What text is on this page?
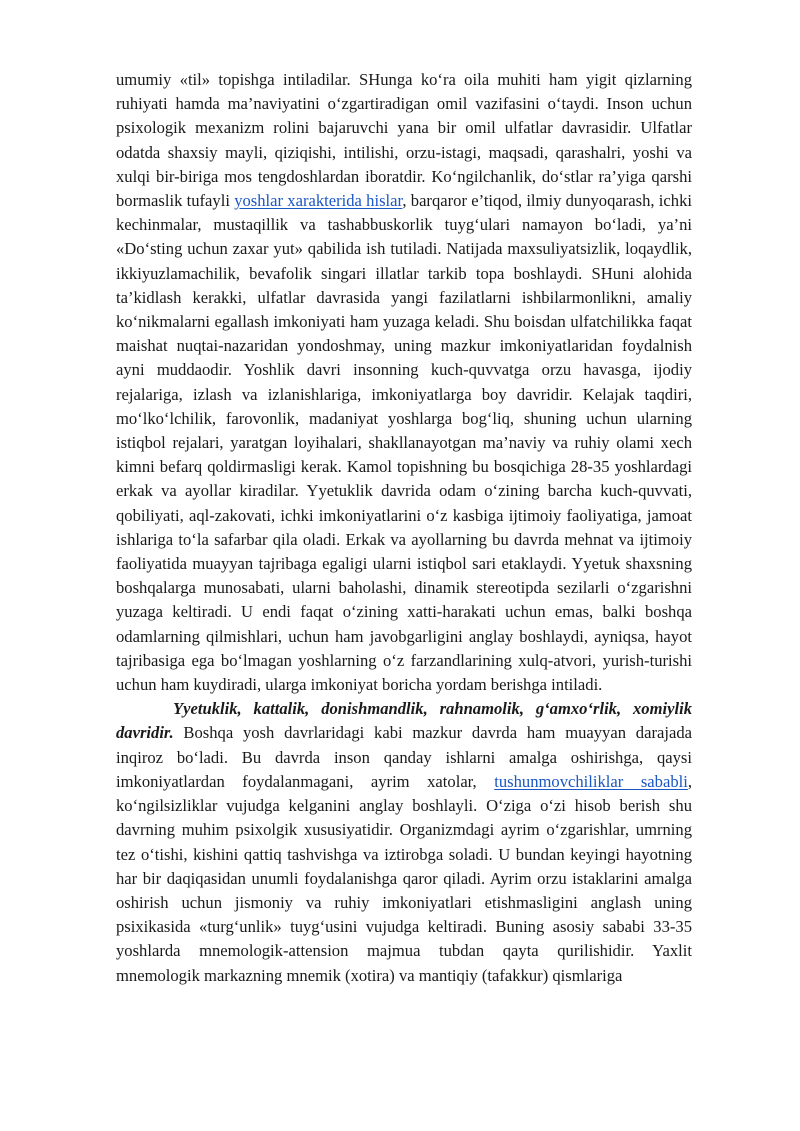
umumiy «til» topishga intiladilar. SHunga ko‘ra oila muhiti ham yigit qizlarning ruhiyati hamda ma’naviyatini o‘zgartiradigan omil vazifasini o‘taydi. Inson uchun psixologik mexanizm rolini bajaruvchi yana bir omil ulfatlar davrasidir. Ulfatlar odatda shaxsiy mayli, qiziqishi, intilishi, orzu-istagi, maqsadi, qarashalri, yoshi va xulqi bir-biriga mos tengdoshlardan iboratdir. Ko‘ngilchanlik, do‘stlar ra’yiga qarshi bormaslik tufayli yoshlar xarakterida hislar, barqaror e’tiqod, ilmiy dunyoqarash, ichki kechinmalar, mustaqillik va tashabbuskorlik tuyg‘ulari namayon bo‘ladi, ya’ni «Do‘sting uchun zaxar yut» qabilida ish tutiladi. Natijada maxsuliyatsizlik, loqaydlik, ikkiyuzlamachilik, bevafolik singari illatlar tarkib topa boshlaydi. SHuni alohida ta’kidlash kerakki, ulfatlar davrasida yangi fazilatlarni ishbilarmonlikni, amaliy ko‘nikmalarni egallash imkoniyati ham yuzaga keladi. Shu boisdan ulfatchilikka faqat maishat nuqtai-nazaridan yondoshmay, uning mazkur imkoniyatlaridan foydalnish ayni muddaodir. Yoshlik davri insonning kuch-quvvatga orzu havasga, ijodiy rejalariga, izlash va izlanishlariga, imkoniyatlarga boy davridir. Kelajak taqdiri, mo‘lko‘lchilik, farovonlik, madaniyat yoshlarga bog‘liq, shuning uchun ularning istiqbol rejalari, yaratgan loyihalari, shakllanayotgan ma’naviy va ruhiy olami xech kimni befarq qoldirmasligi kerak. Kamol topishning bu bosqichiga 28-35 yoshlardagi erkak va ayollar kiradilar. Yyetuklik davrida odam o‘zining barcha kuch-quvvati, qobiliyati, aql-zakovati, ichki imkoniyatlarini o‘z kasbiga ijtimoiy faoliyatiga, jamoat ishlariga to‘la safarbar qila oladi. Erkak va ayollarning bu davrda mehnat va ijtimoiy faoliyatida muayyan tajribaga egaligi ularni istiqbol sari etaklaydi. Yyetuk shaxsning boshqalarga munosabati, ularni baholashi, dinamik stereotipda sezilarli o‘zgarishni yuzaga keltiradi. U endi faqat o‘zining xatti-harakati uchun emas, balki boshqa odamlarning qilmishlari, uchun ham javobgarligini anglay boshlaydi, ayniqsa, hayot tajribasiga ega bo‘lmagan yoshlarning o‘z farzandlarining xulq-atvori, yurish-turishi uchun ham kuydiradi, ularga imkoniyat boricha yordam berishga intiladi.

Yyetuklik, kattalik, donishmandlik, rahnamolik, g‘amxo‘rlik, xomiylik davridir. Boshqa yosh davrlaridagi kabi mazkur davrda ham muayyan darajada inqiroz bo‘ladi. Bu davrda inson qanday ishlarni amalga oshirishga, qaysi imkoniyatlardan foydalanmagani, ayrim xatolar, tushunmovchiliklar sababli, ko‘ngilsizliklar vujudga kelganini anglay boshlayli. O‘ziga o‘zi hisob berish shu davrning muhim psixolgik xususiyatidir. Organizmdagi ayrim o‘zgarishlar, umrning tez o‘tishi, kishini qattiq tashvishga va iztirobga soladi. U bundan keyingi hayotning har bir daqiqasidan unumli foydalanishga qaror qiladi. Ayrim orzu istaklarini amalga oshirish uchun jismoniy va ruhiy imkoniyatlari etishmasligini anglash uning psixikasida «turg‘unlik» tuyg‘usini vujudga keltiradi. Buning asosiy sababi 33-35 yoshlarda mnemologik-attension majmua tubdan qayta qurilishidir. Yaxlit mnemologik markazning mnemik (xotira) va mantiqiy (tafakkur) qismlariga
